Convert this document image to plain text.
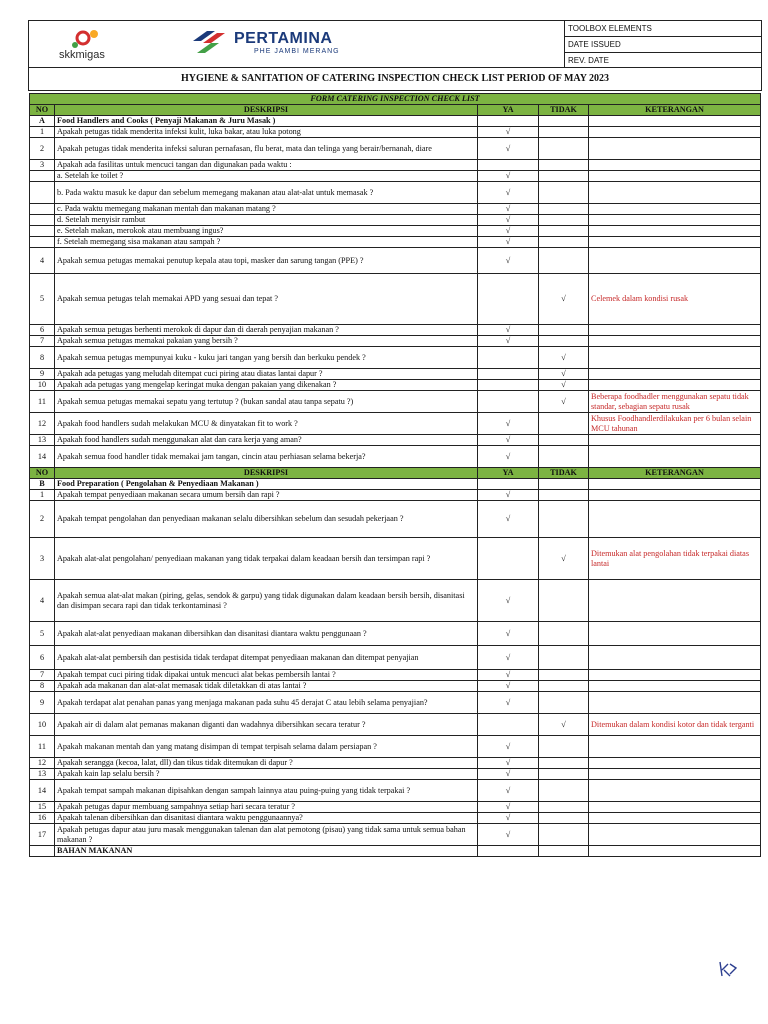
skkmigas
PERTAMINA
PHE JAMBI MERANG
TOOLBOX ELEMENTS
DATE ISSUED
REV. DATE
HYGIENE & SANITATION OF CATERING INSPECTION CHECK LIST PERIOD OF MAY 2023
FORM CATERING INSPECTION CHECK LIST				
NO	DESKRIPSI	YA	TIDAK	KETERANGAN
A	Food Handlers and Cooks ( Penyaji Makanan & Juru Masak )			
1	Apakah petugas tidak menderita infeksi kulit, luka bakar, atau luka potong	√		
2	Apakah petugas tidak menderita infeksi saluran pernafasan, flu berat, mata dan telinga yang berair/bernanah, diare	√		
3	Apakah ada fasilitas untuk mencuci tangan dan digunakan pada waktu :			
	a. Setelah ke toilet ?	√		
	b. Pada waktu masuk ke dapur dan sebelum memegang makanan atau alat-alat untuk memasak ?	√		
	c. Pada waktu memegang makanan mentah dan makanan matang ?	√		
	d. Setelah menyisir rambut	√		
	e. Setelah makan, merokok atau membuang ingus?	√		
	f. Setelah memegang sisa makanan atau sampah ?	√		
4	Apakah semua petugas memakai penutup kepala atau topi, masker dan sarung tangan (PPE) ?	√		
5	Apakah semua petugas telah memakai APD yang sesuai dan tepat ?		√	Celemek dalam kondisi rusak
6	Apakah semua petugas berhenti merokok di dapur dan di daerah penyajian makanan ?	√		
7	Apakah semua petugas memakai pakaian yang bersih ?	√		
8	Apakah semua petugas mempunyai kuku - kuku jari tangan yang bersih dan berkuku pendek ?		√	
9	Apakah ada petugas yang meludah ditempat cuci piring atau diatas lantai dapur ?		√	
10	Apakah ada petugas yang mengelap keringat muka dengan pakaian yang dikenakan ?		√	
11	Apakah semua petugas memakai sepatu yang tertutup ? (bukan sandal atau tanpa sepatu ?)		√	Beberapa foodhadler menggunakan sepatu tidak standar, sebagian sepatu rusak
12	Apakah food handlers sudah melakukan MCU & dinyatakan fit to work ?	√		Khusus Foodhandlerdilakukan per 6 bulan selain MCU tahunan
13	Apakah food handlers sudah menggunakan alat dan cara kerja yang aman?	√		
14	Apakah semua food handler tidak memakai jam tangan, cincin atau perhiasan selama bekerja?	√		
NO	DESKRIPSI	YA	TIDAK	KETERANGAN
B	Food Preparation ( Pengolahan & Penyediaan Makanan )			
1	Apakah tempat penyediaan makanan secara umum bersih dan rapi ?	√		
2	Apakah tempat pengolahan dan penyediaan makanan selalu dibersihkan sebelum dan sesudah pekerjaan ?	√		
3	Apakah alat-alat pengolahan/ penyediaan makanan yang tidak terpakai dalam keadaan bersih dan tersimpan rapi ?		√	Ditemukan alat pengolahan tidak terpakai diatas lantai
4	Apakah semua alat-alat makan (piring, gelas, sendok & garpu) yang tidak digunakan dalam keadaan bersih bersih, disanitasi dan disimpan secara rapi dan tidak terkontaminasi ?	√		
5	Apakah alat-alat penyediaan makanan dibersihkan dan disanitasi diantara waktu penggunaan ?	√		
6	Apakah alat-alat pembersih dan pestisida tidak terdapat ditempat penyediaan makanan dan ditempat penyajian	√		
7	Apakah tempat cuci piring tidak dipakai untuk mencuci alat bekas pembersih lantai ?	√		
8	Apakah ada makanan dan alat-alat memasak tidak diletakkan di atas lantai ?	√		
9	Apakah terdapat alat penahan panas yang menjaga makanan pada suhu 45 derajat C atau lebih selama penyajian?	√		
10	Apakah air di dalam alat pemanas makanan diganti dan wadahnya dibersihkan secara teratur ?		√	Ditemukan dalam kondisi kotor dan tidak terganti
11	Apakah makanan mentah dan yang matang disimpan di tempat terpisah selama dalam persiapan ?	√		
12	Apakah serangga (kecoa, lalat, dll) dan tikus tidak ditemukan di dapur ?	√		
13	Apakah kain lap selalu bersih ?	√		
14	Apakah tempat sampah makanan dipisahkan dengan sampah lainnya atau puing-puing yang tidak terpakai ?	√		
15	Apakah petugas dapur membuang sampahnya setiap hari secara teratur ?	√		
16	Apakah talenan dibersihkan dan disanitasi diantara waktu penggunaannya?	√		
17	Apakah petugas dapur atau juru masak menggunakan talenan dan alat pemotong (pisau) yang tidak sama untuk semua bahan makanan ?	√		
	BAHAN MAKANAN			
